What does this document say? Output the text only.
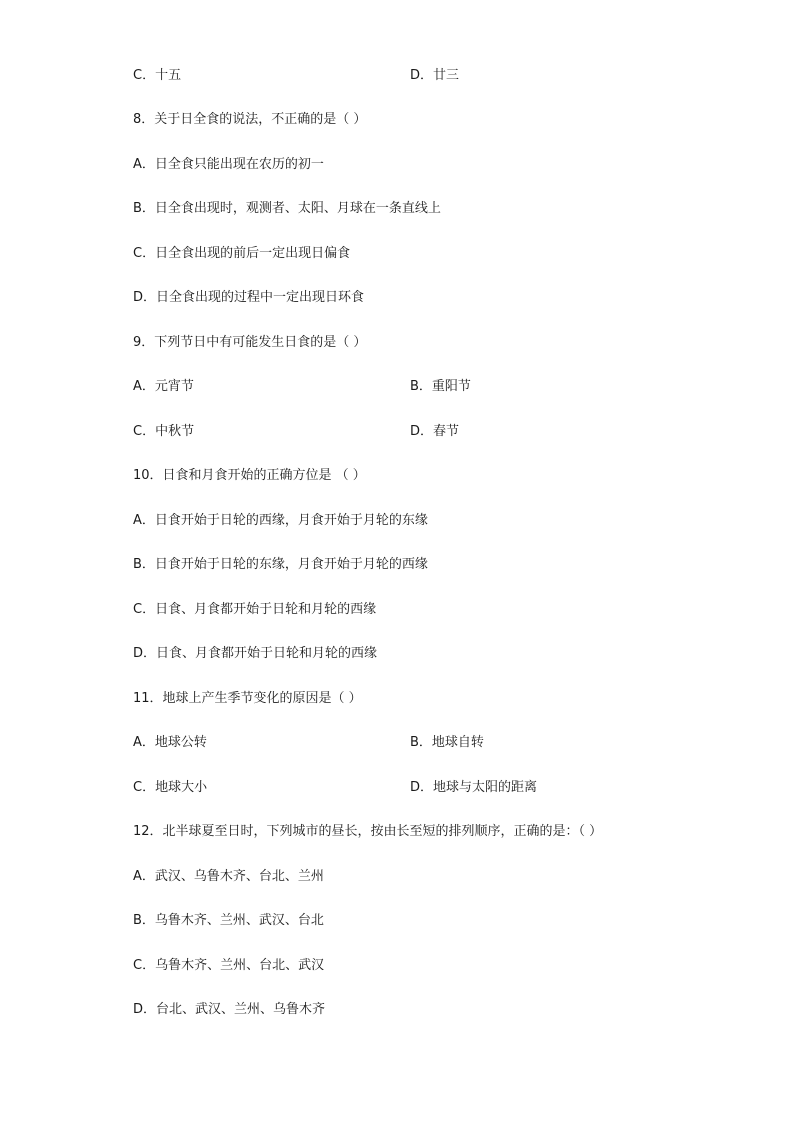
C．十五	D．廿三
8．关于日全食的说法，不正确的是（ ）
A．日全食只能出现在农历的初一
B．日全食出现时，观测者、太阳、月球在一条直线上
C．日全食出现的前后一定出现日偏食
D．日全食出现的过程中一定出现日环食
9．下列节日中有可能发生日食的是（ ）
A．元宵节	B．重阳节
C．中秋节	D．春节
10．日食和月食开始的正确方位是 （ ）
A．日食开始于日轮的西缘，月食开始于月轮的东缘
B．日食开始于日轮的东缘，月食开始于月轮的西缘
C．日食、月食都开始于日轮和月轮的西缘
D．日食、月食都开始于日轮和月轮的西缘
11．地球上产生季节变化的原因是（ ）
A．地球公转	B．地球自转
C．地球大小	D．地球与太阳的距离
12．北半球夏至日时，下列城市的昼长，按由长至短的排列顺序，正确的是：（ ）
A．武汉、乌鲁木齐、台北、兰州
B．乌鲁木齐、兰州、武汉、台北
C．乌鲁木齐、兰州、台北、武汉
D．台北、武汉、兰州、乌鲁木齐
